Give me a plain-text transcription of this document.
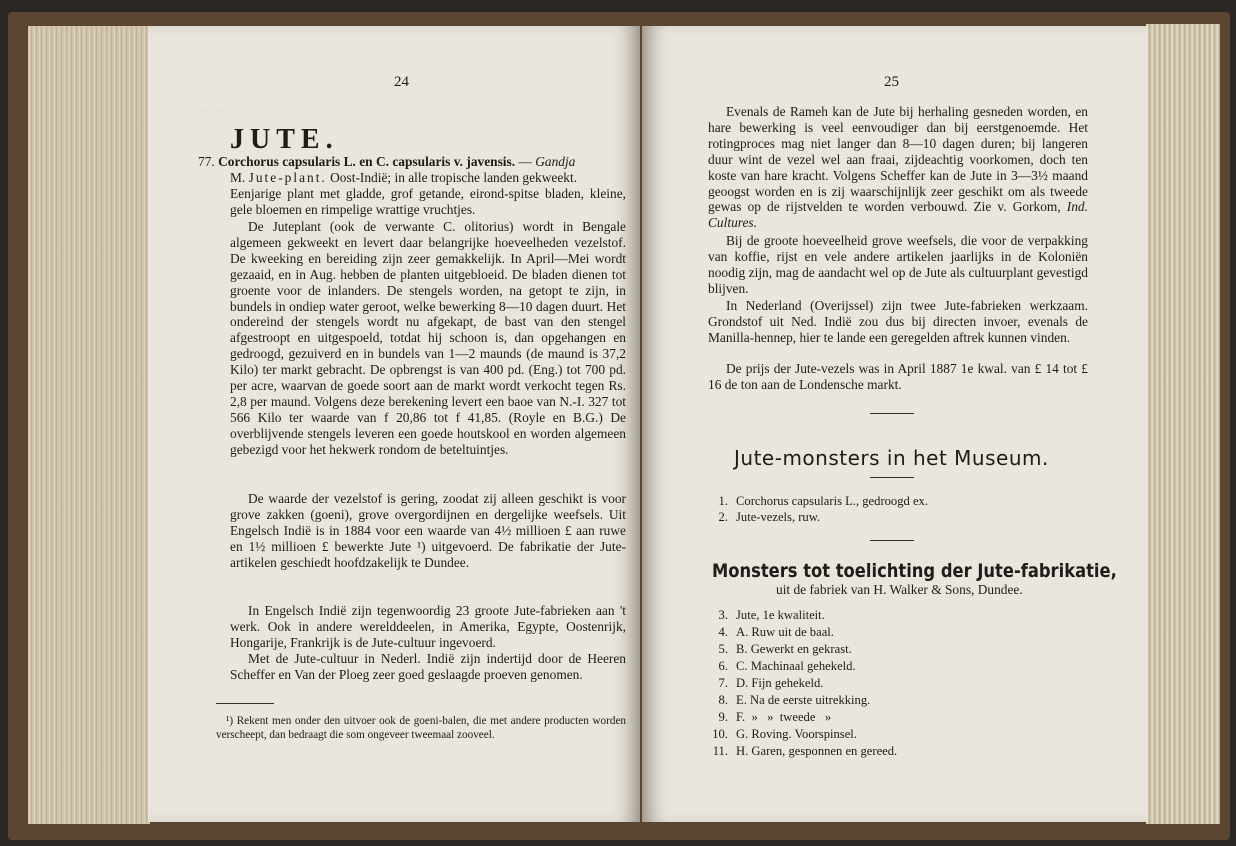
........
24
JUTE.
77. Corchorus capsularis L. en C. capsularis v. javensis. — Gandja
M. Jute-plant. Oost-Indië; in alle tropische landen gekweekt.
Eenjarige plant met gladde, grof getande, eirond-spitse bladen, kleine, gele bloemen en rimpelige wrattige vruchtjes.
De Juteplant (ook de verwante C. olitorius) wordt in Bengale algemeen gekweekt en levert daar belangrijke hoeveelheden vezelstof. De kweeking en bereiding zijn zeer gemakkelijk. In April—Mei wordt gezaaid, en in Aug. hebben de planten uitgebloeid. De bladen dienen tot groente voor de inlanders. De stengels worden, na getopt te zijn, in bundels in ondiep water geroot, welke bewerking 8—10 dagen duurt. Het ondereind der stengels wordt nu afgekapt, de bast van den stengel afgestroopt en uitgespoeld, totdat hij schoon is, dan opgehangen en gedroogd, gezuiverd en in bundels van 1—2 maunds (de maund is 37,2 Kilo) ter markt gebracht. De opbrengst is van 400 pd. (Eng.) tot 700 pd. per acre, waarvan de goede soort aan de markt wordt verkocht tegen Rs. 2,8 per maund. Volgens deze berekening levert een baoe van N.-I. 327 tot 566 Kilo ter waarde van f 20,86 tot f 41,85. (Royle en B.G.) De overblijvende stengels leveren een goede houtskool en worden algemeen gebezigd voor het hekwerk rondom de beteltuintjes.
De waarde der vezelstof is gering, zoodat zij alleen geschikt is voor grove zakken (goeni), grove overgordijnen en dergelijke weefsels. Uit Engelsch Indië is in 1884 voor een waarde van 4½ millioen £ aan ruwe en 1½ millioen £ bewerkte Jute ¹) uitgevoerd. De fabrikatie der Jute-artikelen geschiedt hoofdzakelijk te Dundee.
In Engelsch Indië zijn tegenwoordig 23 groote Jute-fabrieken aan 't werk. Ook in andere werelddeelen, in Amerika, Egypte, Oostenrijk, Hongarije, Frankrijk is de Jute-cultuur ingevoerd.
Met de Jute-cultuur in Nederl. Indië zijn indertijd door de Heeren Scheffer en Van der Ploeg zeer goed geslaagde proeven genomen.
¹) Rekent men onder den uitvoer ook de goeni-balen, die met andere producten worden verscheept, dan bedraagt die som ongeveer tweemaal zooveel.
25
Evenals de Rameh kan de Jute bij herhaling gesneden worden, en hare bewerking is veel eenvoudiger dan bij eerstgenoemde. Het rotingproces mag niet langer dan 8—10 dagen duren; bij langeren duur wint de vezel wel aan fraai, zijdeachtig voorkomen, doch ten koste van hare kracht. Volgens Scheffer kan de Jute in 3—3½ maand geoogst worden en is zij waarschijnlijk zeer geschikt om als tweede gewas op de rijstvelden te worden verbouwd. Zie v. Gorkom, Ind. Cultures.
Bij de groote hoeveelheid grove weefsels, die voor de verpakking van koffie, rijst en vele andere artikelen jaarlijks in de Koloniën noodig zijn, mag de aandacht wel op de Jute als cultuurplant gevestigd blijven.
In Nederland (Overijssel) zijn twee Jute-fabrieken werkzaam. Grondstof uit Ned. Indië zou dus bij directen invoer, evenals de Manilla-hennep, hier te lande een geregelden aftrek kunnen vinden.
De prijs der Jute-vezels was in April 1887 1e kwal. van £ 14 tot £ 16 de ton aan de Londensche markt.
Jute-monsters in het Museum.
1. Corchorus capsularis L., gedroogd ex.
2. Jute-vezels, ruw.
Monsters tot toelichting der Jute-fabrikatie,
uit de fabriek van H. Walker & Sons, Dundee.
3. Jute, 1e kwaliteit.
4. A. Ruw uit de baal.
5. B. Gewerkt en gekrast.
6. C. Machinaal gehekeld.
7. D. Fijn gehekeld.
8. E. Na de eerste uitrekking.
9. F.  »   »  tweede   »
10. G. Roving. Voorspinsel.
11. H. Garen, gesponnen en gereed.
